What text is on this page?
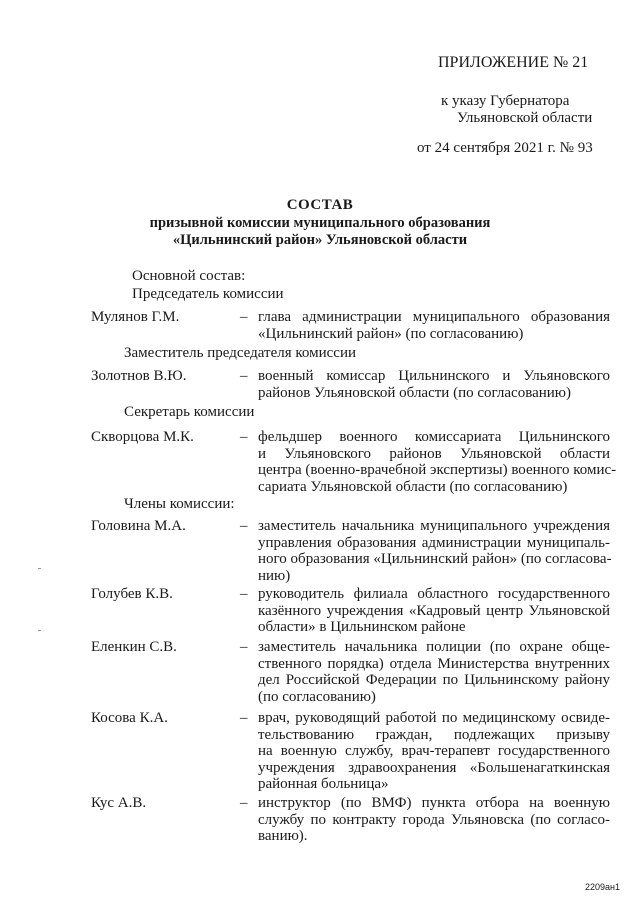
ПРИЛОЖЕНИЕ № 21
к указу Губернатора
Ульяновской области
от 24 сентября 2021 г. № 93
СОСТАВ
призывной комиссии муниципального образования
«Цильнинский район» Ульяновской области
Основной состав:
Председатель комиссии
Мулянов Г.М.	– глава администрации муниципального образования
«Цильнинский район» (по согласованию)
Заместитель председателя комиссии
Золотнов В.Ю.	– военный комиссар Цильнинского и Ульяновского
районов Ульяновской области (по согласованию)
Секретарь комиссии
Скворцова М.К.	– фельдшер военного комиссариата Цильнинского
и Ульяновского районов Ульяновской области
центра (военно-врачебной экспертизы) военного комис-
сариата Ульяновской области (по согласованию)
Члены комиссии:
Головина М.А.	– заместитель начальника муниципального учреждения
управления образования администрации муниципаль-
ного образования «Цильнинский район» (по согласова-
нию)
Голубев К.В.	– руководитель филиала областного государственного
казённого учреждения «Кадровый центр Ульяновской
области» в Цильнинском районе
Еленкин С.В.	– заместитель начальника полиции (по охране обще-
ственного порядка) отдела Министерства внутренних
дел Российской Федерации по Цильнинскому району
(по согласованию)
Косова К.А.	– врач, руководящий работой по медицинскому освиде-
тельствованию граждан, подлежащих призыву
на военную службу, врач-терапевт государственного
учреждения здравоохранения «Большенагаткинская
районная больница»
Кус А.В.	– инструктор (по ВМФ) пункта отбора на военную
службу по контракту города Ульяновска (по согласо-
ванию).
2209ан1
